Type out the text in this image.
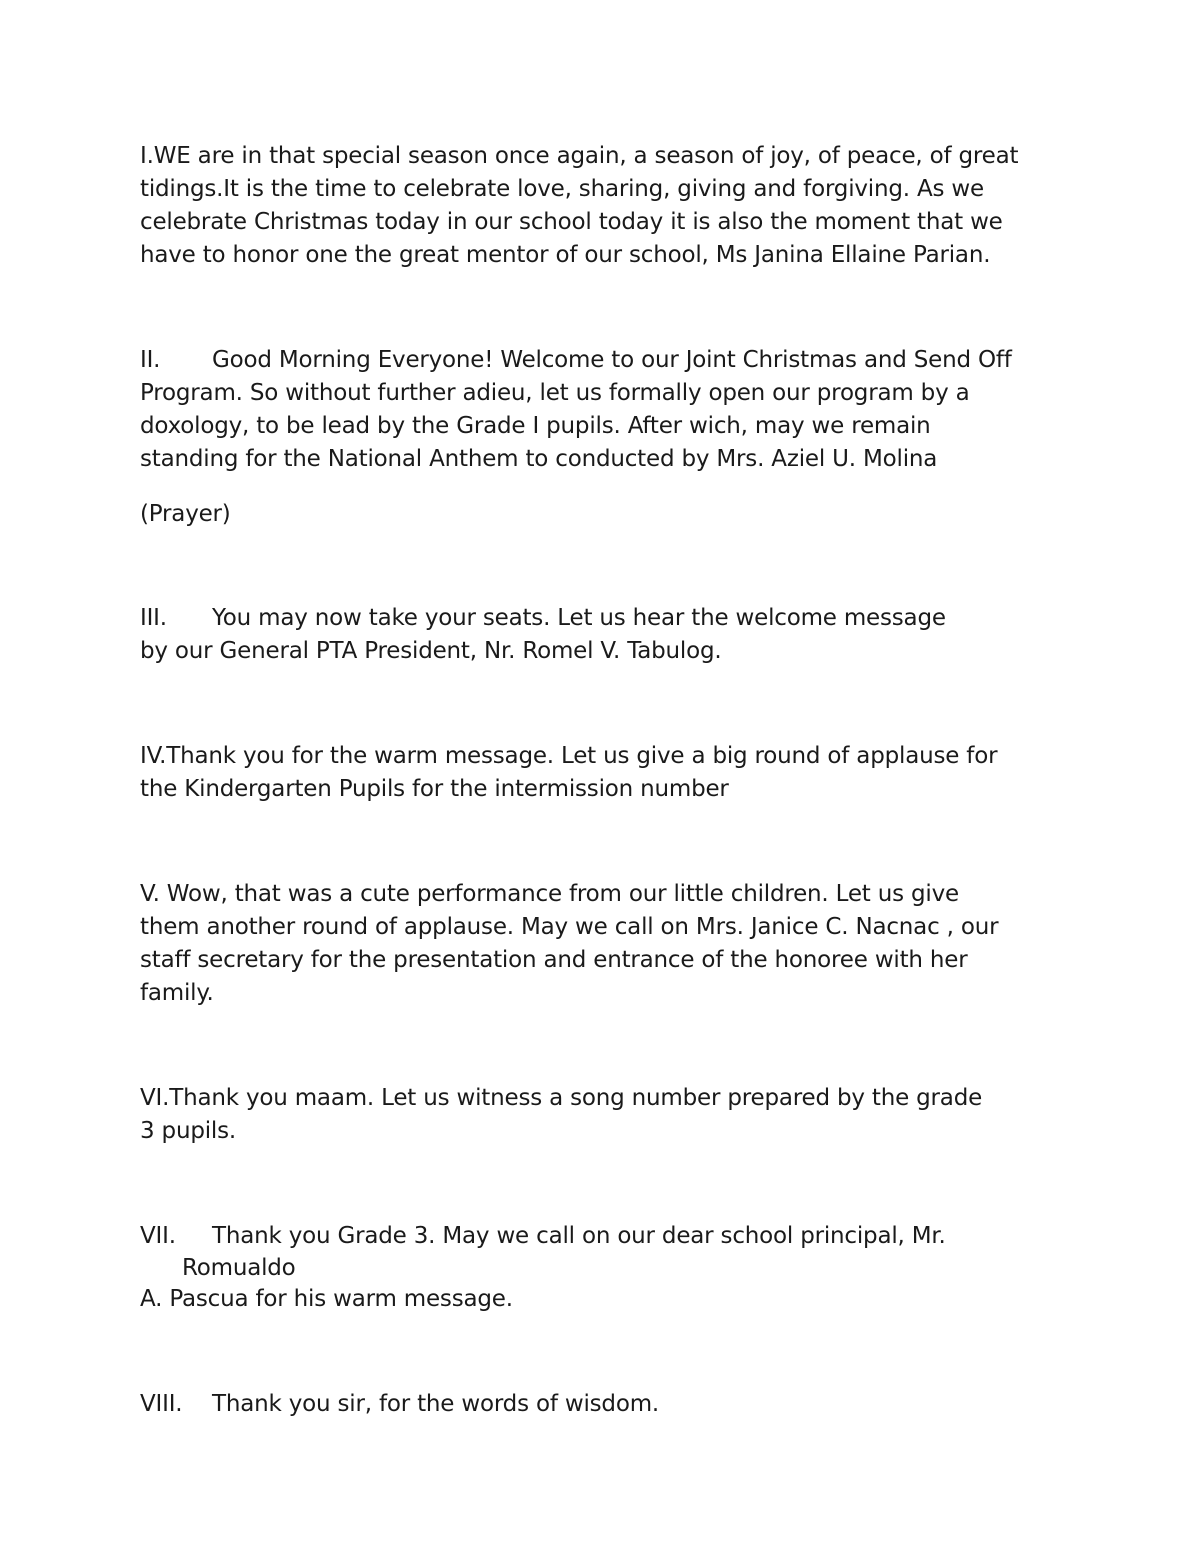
I.WE are in that special season once again, a season of joy, of peace, of great
tidings.It is the time to celebrate love, sharing, giving and forgiving. As we
celebrate Christmas today in our school today it is also the moment that we
have to honor one the great mentor of our school, Ms Janina Ellaine Parian.
II. Good Morning Everyone! Welcome to our Joint Christmas and Send Off
Program. So without further adieu, let us formally open our program by a
doxology, to be lead by the Grade I pupils. After wich, may we remain
standing for the National Anthem to conducted by Mrs. Aziel U. Molina
(Prayer)
III. You may now take your seats. Let us hear the welcome message
by our General PTA President, Nr. Romel V. Tabulog.
IV.Thank you for the warm message. Let us give a big round of applause for
the Kindergarten Pupils for the intermission number
V. Wow, that was a cute performance from our little children. Let us give
them another round of applause. May we call on Mrs. Janice C. Nacnac , our
staff secretary for the presentation and entrance of the honoree with her
family.
VI.Thank you maam. Let us witness a song number prepared by the grade
3 pupils.
VII. Thank you Grade 3. May we call on our dear school principal, Mr.
Romualdo
A. Pascua for his warm message.
VIII. Thank you sir, for the words of wisdom.
